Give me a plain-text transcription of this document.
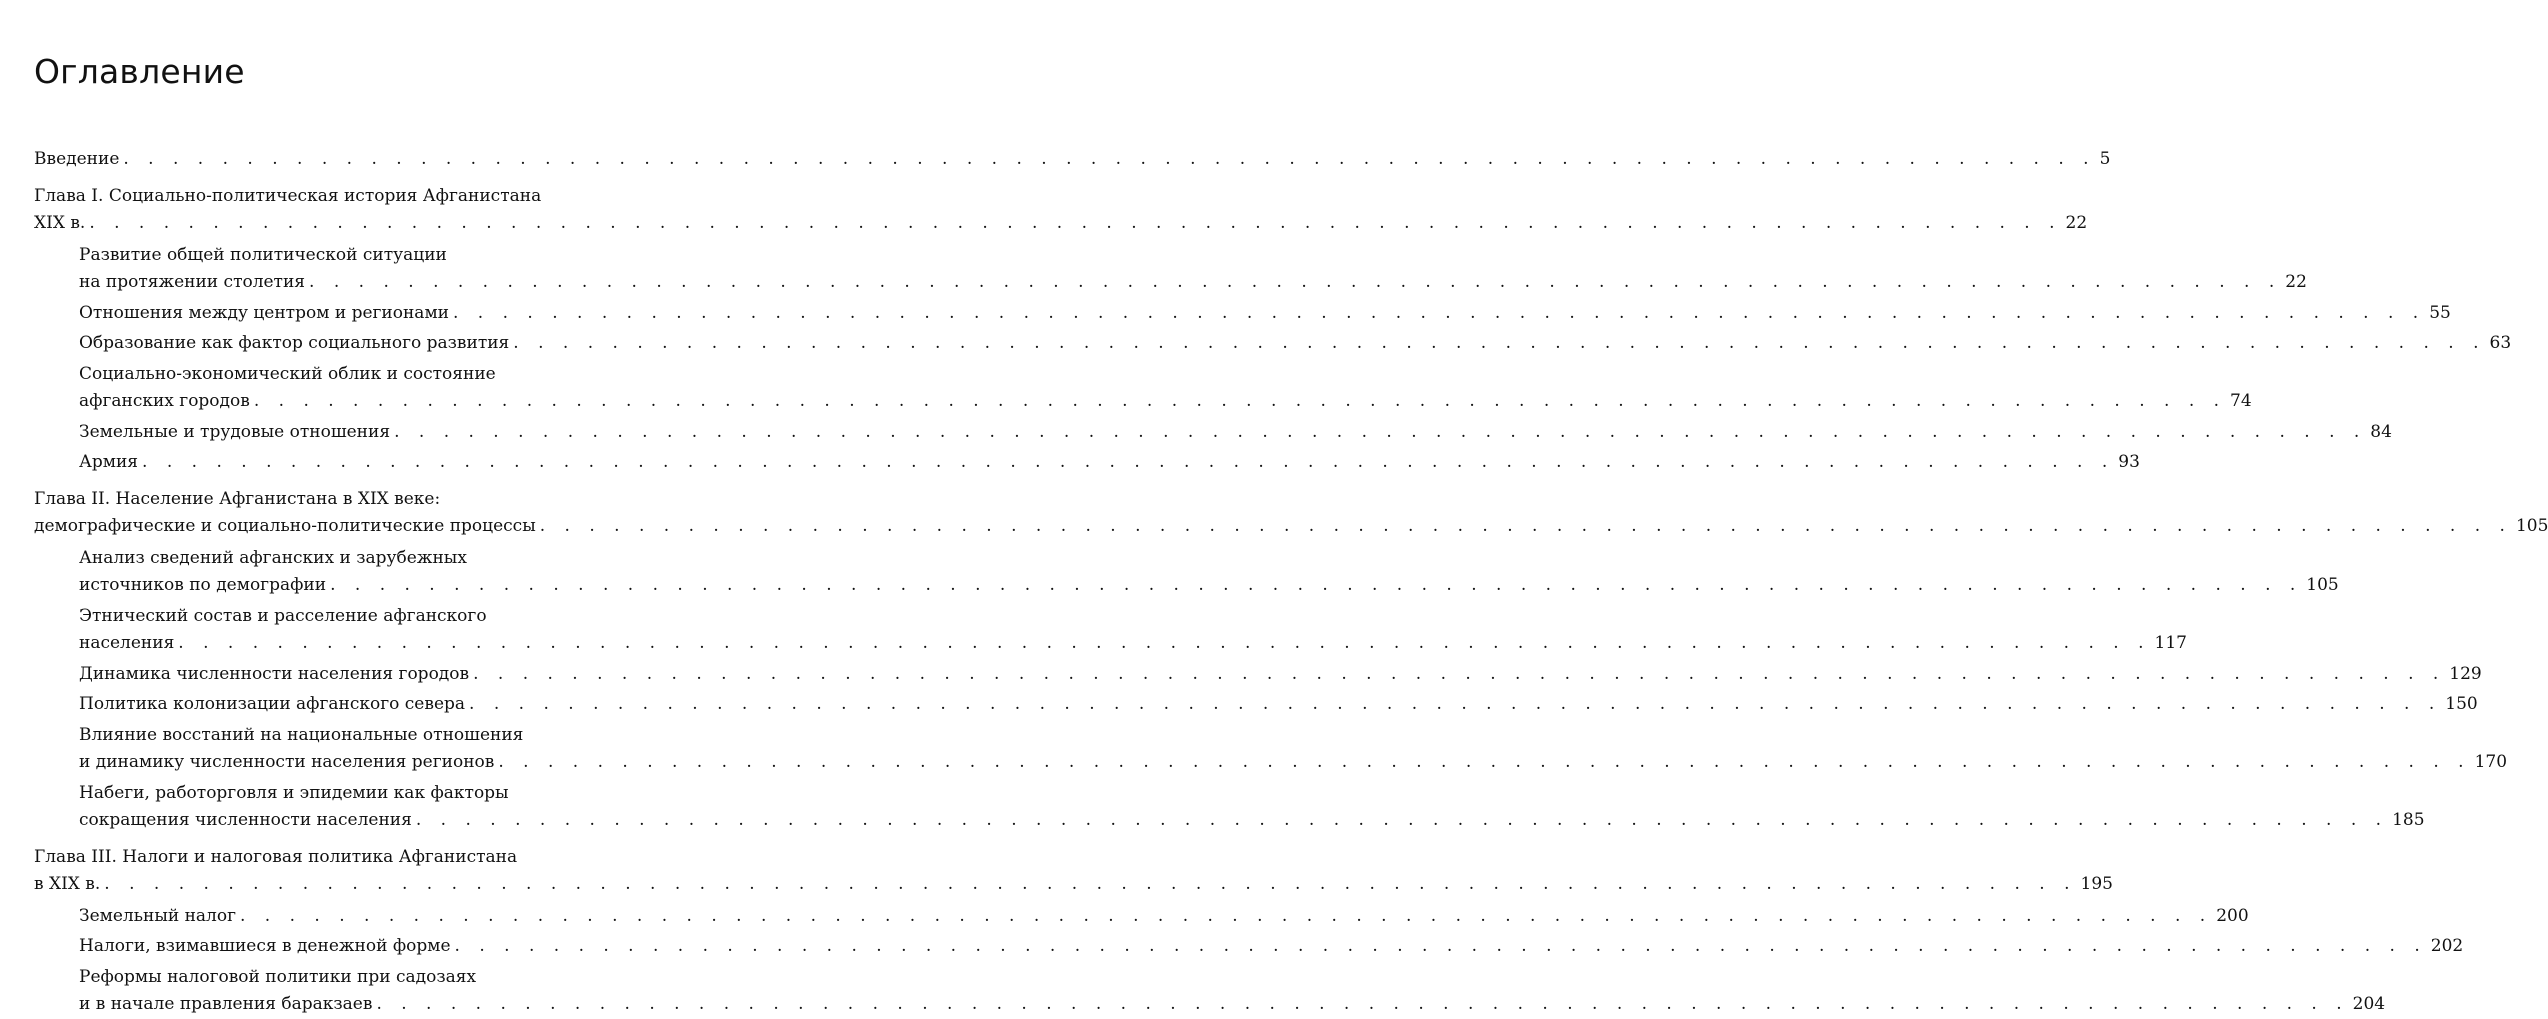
Оглавление
Введение . . . . . . . . . . . . . . . . . . . . . . . . . . . . . . . . . . . . . . . . . . . . . . . . . . . . . . . . . . . . . . . . . . . . . . . . . . . . . . . . 5
Глава I. Социально-политическая история Афганистана
XIX в. . . . . . . . . . . . . . . . . . . . . . . . . . . . . . . . . . . . . . . . . . . . . . . . . . . . . . . . . . . . . . . . . . . . . . . . . . . . . . . . . 22
Развитие общей политической ситуации
на протяжении столетия . . . . . . . . . . . . . . . . . . . . . . . . . . . . . . . . . . . . . . . . . . . . . . . . . . . . . . . . . . . . . . . . . . . . . . . . . . . . . . . . 22
Отношения между центром и регионами . . . . . . . . . . . . . . . . . . . . . . . . . . . . . . . . . . . . . . . . . . . . . . . . . . . . . . . . . . . . . . . . . . . . . . . . . . . . . . . . 55
Образование как фактор социального развития . . . . . . . . . . . . . . . . . . . . . . . . . . . . . . . . . . . . . . . . . . . . . . . . . . . . . . . . . . . . . . . . . . . . . . . . . . . . . . . . 63
Социально-экономический облик и состояние
афганских городов . . . . . . . . . . . . . . . . . . . . . . . . . . . . . . . . . . . . . . . . . . . . . . . . . . . . . . . . . . . . . . . . . . . . . . . . . . . . . . . . 74
Земельные и трудовые отношения . . . . . . . . . . . . . . . . . . . . . . . . . . . . . . . . . . . . . . . . . . . . . . . . . . . . . . . . . . . . . . . . . . . . . . . . . . . . . . . . 84
Армия . . . . . . . . . . . . . . . . . . . . . . . . . . . . . . . . . . . . . . . . . . . . . . . . . . . . . . . . . . . . . . . . . . . . . . . . . . . . . . . . 93
Глава II. Население Афганистана в XIX веке:
демографические и социально-политические процессы . . . . . . . . . . . . . . . . . . . . . . . . . . . . . . . . . . . . . . . . . . . . . . . . . . . . . . . . . . . . . . . . . . . . . . . . . . . . . . . . 105
Анализ сведений афганских и зарубежных
источников по демографии . . . . . . . . . . . . . . . . . . . . . . . . . . . . . . . . . . . . . . . . . . . . . . . . . . . . . . . . . . . . . . . . . . . . . . . . . . . . . . . . 105
Этнический состав и расселение афганского
населения . . . . . . . . . . . . . . . . . . . . . . . . . . . . . . . . . . . . . . . . . . . . . . . . . . . . . . . . . . . . . . . . . . . . . . . . . . . . . . . . 117
Динамика численности населения городов . . . . . . . . . . . . . . . . . . . . . . . . . . . . . . . . . . . . . . . . . . . . . . . . . . . . . . . . . . . . . . . . . . . . . . . . . . . . . . . . 129
Политика колонизации афганского севера . . . . . . . . . . . . . . . . . . . . . . . . . . . . . . . . . . . . . . . . . . . . . . . . . . . . . . . . . . . . . . . . . . . . . . . . . . . . . . . . 150
Влияние восстаний на национальные отношения
и динамику численности населения регионов . . . . . . . . . . . . . . . . . . . . . . . . . . . . . . . . . . . . . . . . . . . . . . . . . . . . . . . . . . . . . . . . . . . . . . . . . . . . . . . . 170
Набеги, работорговля и эпидемии как факторы
сокращения численности населения . . . . . . . . . . . . . . . . . . . . . . . . . . . . . . . . . . . . . . . . . . . . . . . . . . . . . . . . . . . . . . . . . . . . . . . . . . . . . . . . 185
Глава III. Налоги и налоговая политика Афганистана
в XIX в. . . . . . . . . . . . . . . . . . . . . . . . . . . . . . . . . . . . . . . . . . . . . . . . . . . . . . . . . . . . . . . . . . . . . . . . . . . . . . . . . 195
Земельный налог . . . . . . . . . . . . . . . . . . . . . . . . . . . . . . . . . . . . . . . . . . . . . . . . . . . . . . . . . . . . . . . . . . . . . . . . . . . . . . . . 200
Налоги, взимавшиеся в денежной форме . . . . . . . . . . . . . . . . . . . . . . . . . . . . . . . . . . . . . . . . . . . . . . . . . . . . . . . . . . . . . . . . . . . . . . . . . . . . . . . . 202
Реформы налоговой политики при садозаях
и в начале правления баракзаев . . . . . . . . . . . . . . . . . . . . . . . . . . . . . . . . . . . . . . . . . . . . . . . . . . . . . . . . . . . . . . . . . . . . . . . . . . . . . . . . 204
